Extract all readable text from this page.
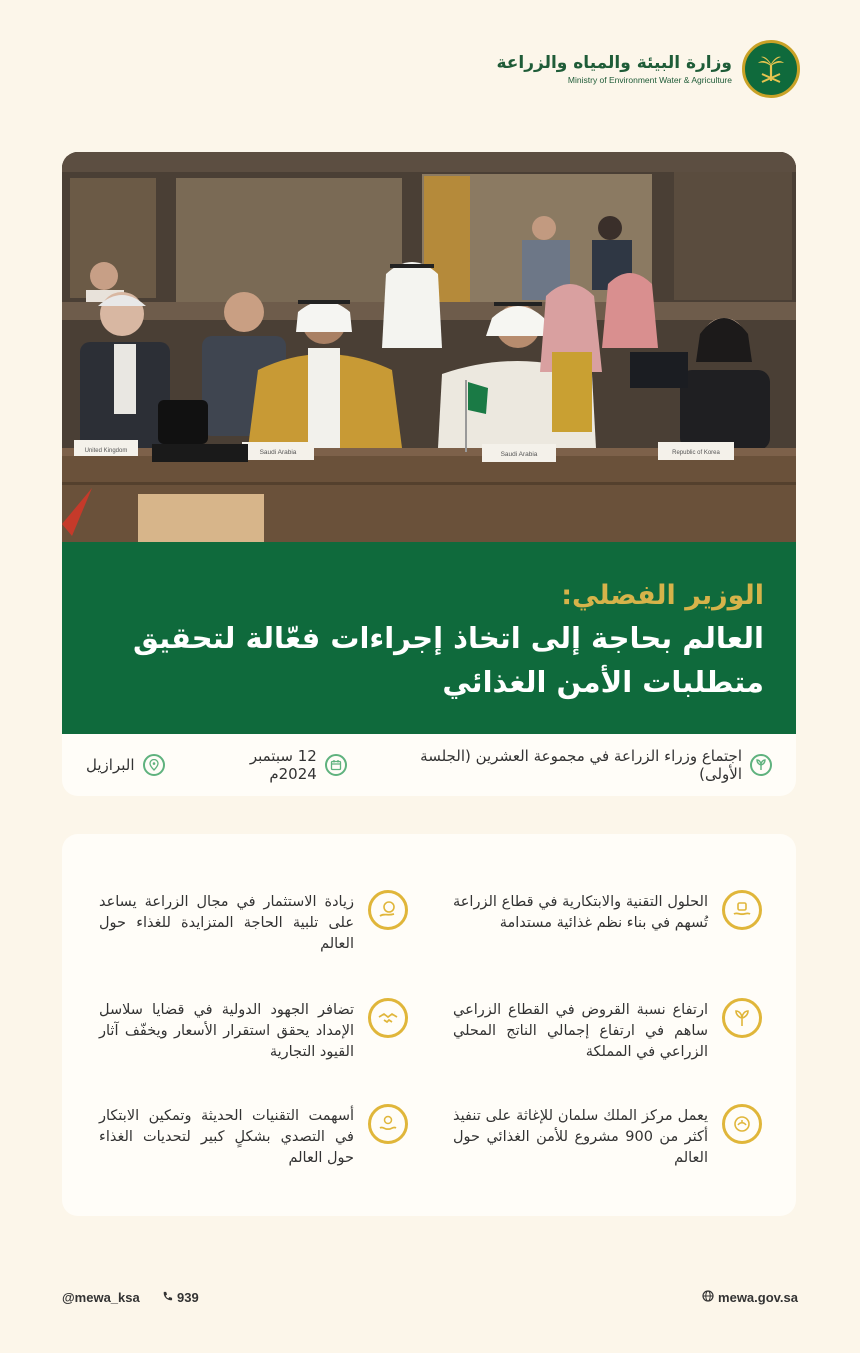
وزارة البيئة والمياه والزراعة
Ministry of Environment Water & Agriculture
United Kingdom	Saudi Arabia	Saudi Arabia	Republic of Korea
الوزير الفضلي:
العالم بحاجة إلى اتخاذ إجراءات فعّالة لتحقيق
متطلبات الأمن الغذائي
اجتماع وزراء الزراعة في مجموعة العشرين (الجلسة الأولى)
12 سبتمبر 2024م
البرازيل
الحلول التقنية والابتكارية في قطاع الزراعة تُسهم في بناء نظم غذائية مستدامة
زيادة الاستثمار في مجال الزراعة يساعد على تلبية الحاجة المتزايدة للغذاء حول العالم
ارتفاع نسبة القروض في القطاع الزراعي ساهم في ارتفاع إجمالي الناتج المحلي الزراعي في المملكة
تضافر الجهود الدولية في قضايا سلاسل الإمداد يحقق استقرار الأسعار ويخفّف آثار القيود التجارية
يعمل مركز الملك سلمان للإغاثة على تنفيذ أكثر من 900 مشروع للأمن الغذائي حول العالم
أسهمت التقنيات الحديثة وتمكين الابتكار في التصدي بشكلٍ كبير لتحديات الغذاء حول العالم
@mewa_ksa	939	mewa.gov.sa
